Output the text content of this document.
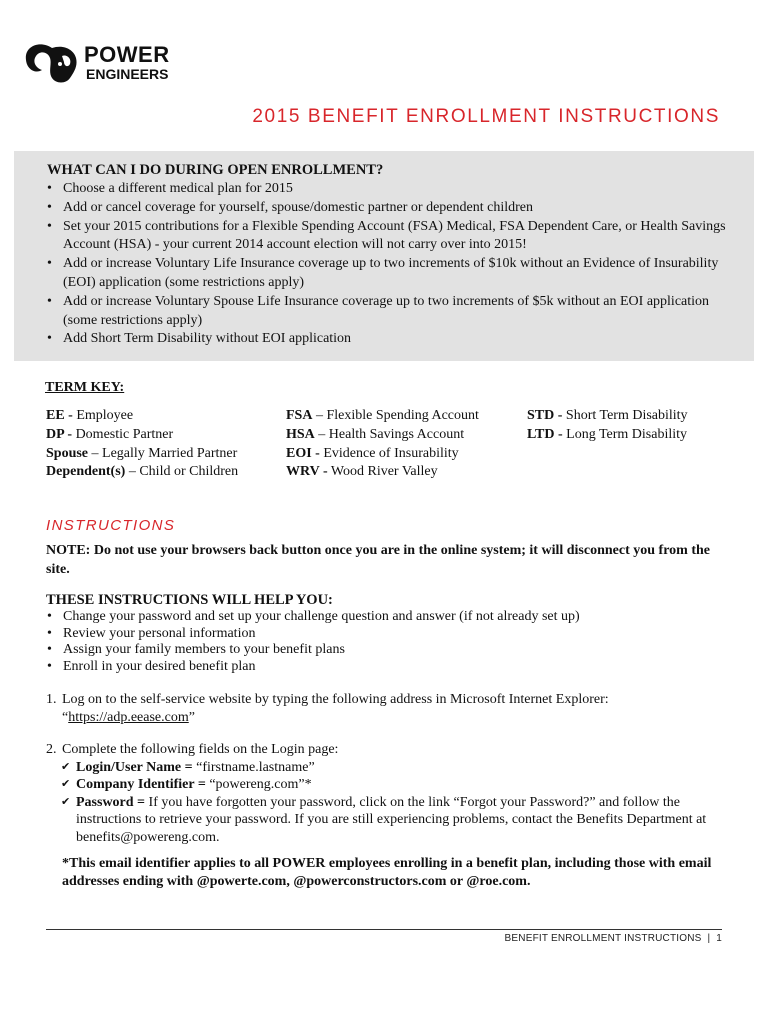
POWER
ENGINEERS
2015 BENEFIT ENROLLMENT INSTRUCTIONS
WHAT CAN I DO DURING OPEN ENROLLMENT?
• Choose a different medical plan for 2015
• Add or cancel coverage for yourself, spouse/domestic partner or dependent children
• Set your 2015 contributions for a Flexible Spending Account (FSA) Medical, FSA Dependent Care, or Health Savings Account (HSA) - your current 2014 account election will not carry over into 2015!
• Add or increase Voluntary Life Insurance coverage up to two increments of $10k without an Evidence of Insurability (EOI) application (some restrictions apply)
• Add or increase Voluntary Spouse Life Insurance coverage up to two increments of $5k without an EOI application (some restrictions apply)
• Add Short Term Disability without EOI application
TERM KEY:
EE - Employee
DP - Domestic Partner
Spouse – Legally Married Partner
Dependent(s) – Child or Children
FSA – Flexible Spending Account
HSA – Health Savings Account
EOI - Evidence of Insurability
WRV - Wood River Valley
STD - Short Term Disability
LTD - Long Term Disability
INSTRUCTIONS
NOTE: Do not use your browsers back button once you are in the online system; it will disconnect you from the site.
THESE INSTRUCTIONS WILL HELP YOU:
• Change your password and set up your challenge question and answer (if not already set up)
• Review your personal information
• Assign your family members to your benefit plans
• Enroll in your desired benefit plan
1. Log on to the self-service website by typing the following address in Microsoft Internet Explorer:
“https://adp.eease.com”
2. Complete the following fields on the Login page:
✔ Login/User Name = “firstname.lastname”
✔ Company Identifier = “powereng.com”*
✔ Password = If you have forgotten your password, click on the link “Forgot your Password?” and follow the instructions to retrieve your password. If you are still experiencing problems, contact the Benefits Department at benefits@powereng.com.
*This email identifier applies to all POWER employees enrolling in a benefit plan, including those with email addresses ending with @powerte.com, @powerconstructors.com or @roe.com.
BENEFIT ENROLLMENT INSTRUCTIONS  |  1
